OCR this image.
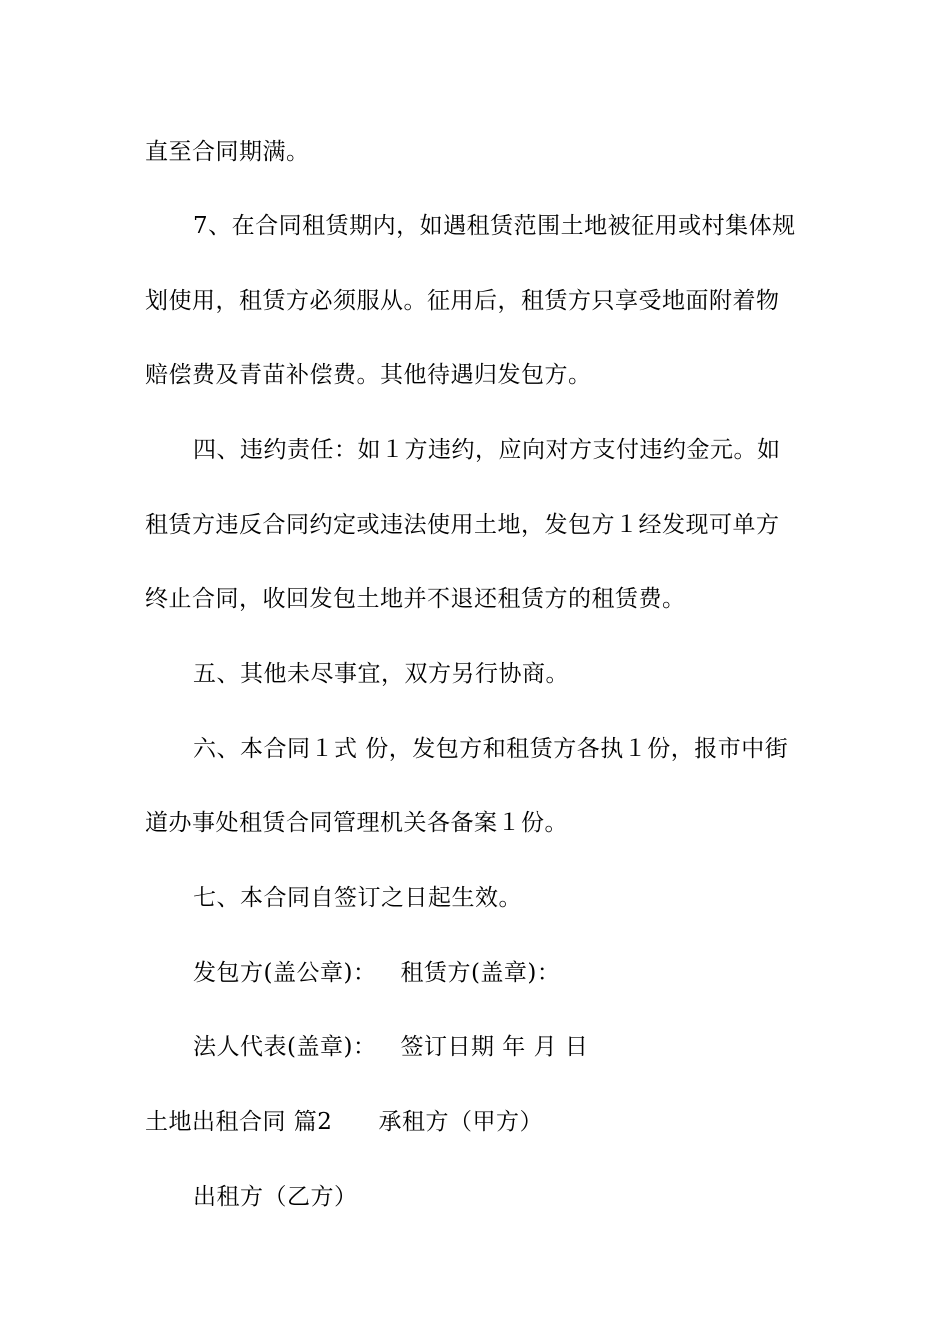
直至合同期满。
7、在合同租赁期内，如遇租赁范围土地被征用或村集体规
划使用，租赁方必须服从。征用后，租赁方只享受地面附着物
赔偿费及青苗补偿费。其他待遇归发包方。
四、违约责任：如１方违约，应向对方支付违约金元。如
租赁方违反合同约定或违法使用土地，发包方１经发现可单方
终止合同，收回发包土地并不退还租赁方的租赁费。
五、其他未尽事宜，双方另行协商。
六、本合同１式 份，发包方和租赁方各执１份，报市中街
道办事处租赁合同管理机关各备案１份。
七、本合同自签订之日起生效。
发包方(盖公章)： 租赁方(盖章)：
法人代表(盖章)： 签订日期 年 月 日
土地出租合同 篇2 承租方（甲方）
出租方（乙方）
